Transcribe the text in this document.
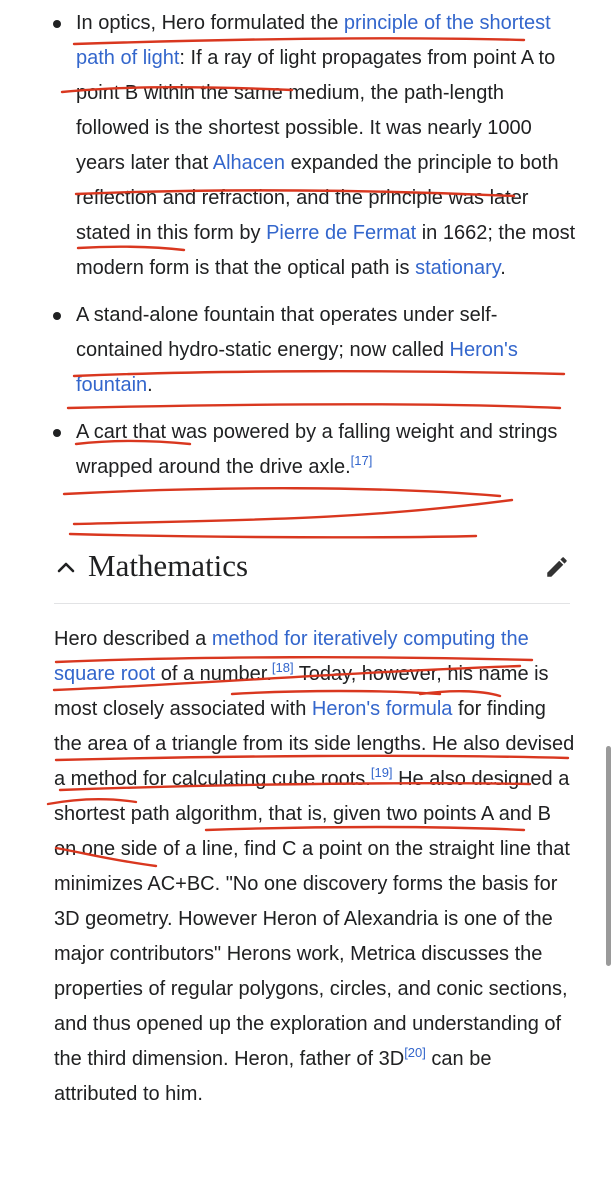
In optics, Hero formulated the principle of the shortest path of light: If a ray of light propagates from point A to point B within the same medium, the path-length followed is the shortest possible. It was nearly 1000 years later that Alhacen expanded the principle to both reflection and refraction, and the principle was later stated in this form by Pierre de Fermat in 1662; the most modern form is that the optical path is stationary.
A stand-alone fountain that operates under self-contained hydro-static energy; now called Heron's fountain.
A cart that was powered by a falling weight and strings wrapped around the drive axle.[17]
Mathematics

Hero described a method for iteratively computing the square root of a number.[18] Today, however, his name is most closely associated with Heron's formula for finding the area of a triangle from its side lengths. He also devised a method for calculating cube roots.[19] He also designed a shortest path algorithm, that is, given two points A and B on one side of a line, find C a point on the straight line that minimizes AC+BC. "No one discovery forms the basis for 3D geometry. However Heron of Alexandria is one of the major contributors" Herons work, Metrica discusses the properties of regular polygons, circles, and conic sections, and thus opened up the exploration and understanding of the third dimension. Heron, father of 3D[20] can be attributed to him.
